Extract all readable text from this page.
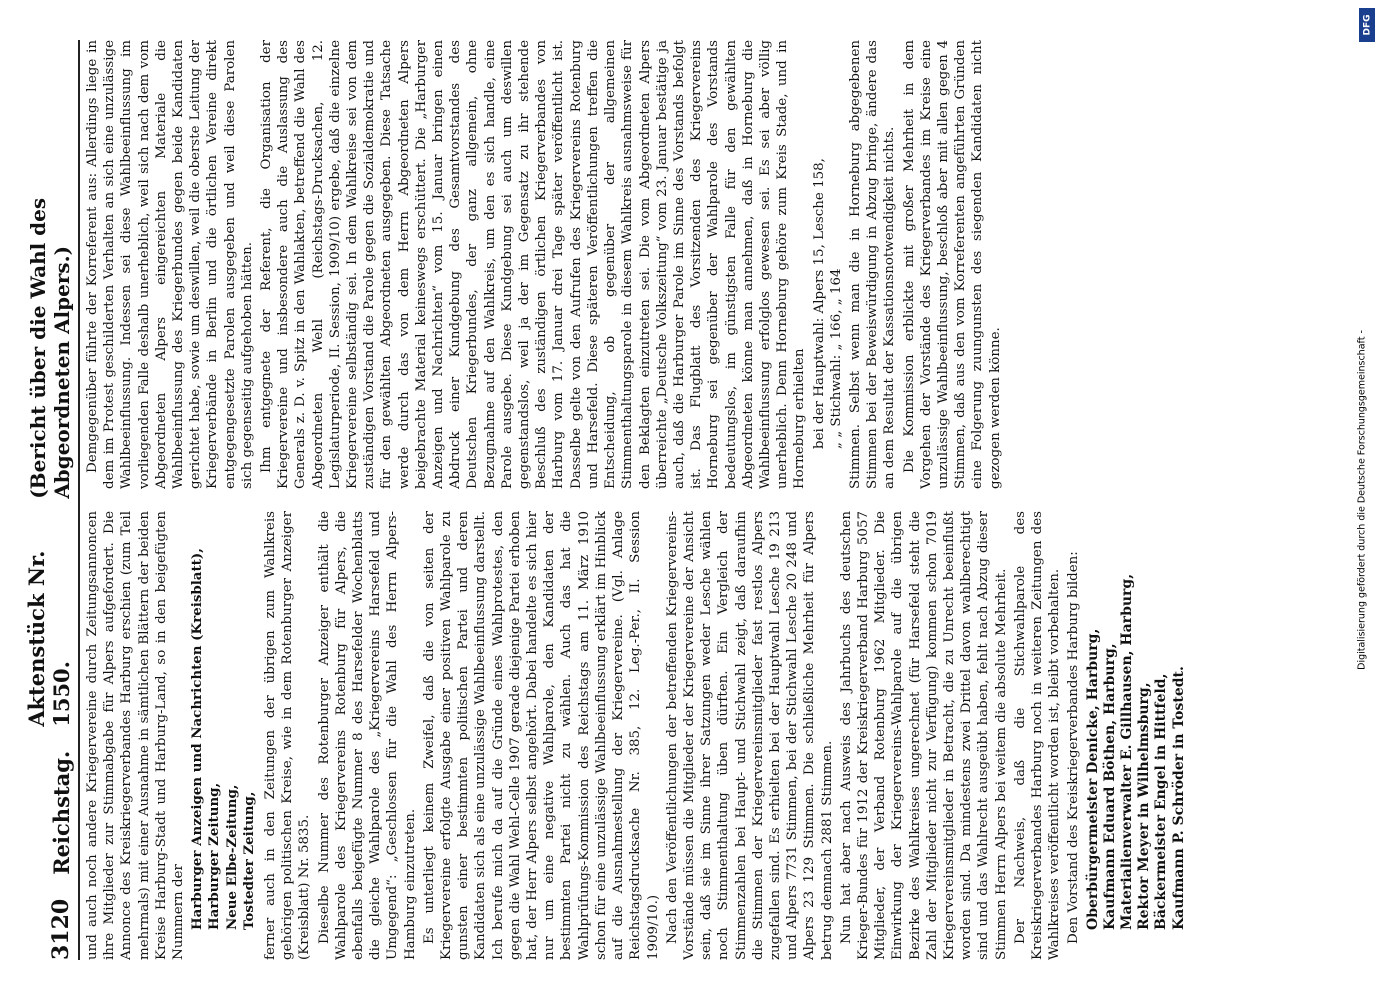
3120
Reichstag.
Aktenstück Nr. 1550.
(Bericht über die Wahl des Abgeordneten Alpers.)

und auch noch andere Kriegervereine durch Zeitungsannoncen ihre Mitglieder zur Stimmabgabe für Alpers aufgefordert. Die Annonce des Kreiskriegerverbandes Harburg erschien (zum Teil mehrmals) mit einer Ausnahme in sämtlichen Blättern der beiden Kreise Harburg-Stadt und Harburg-Land, so in den beigefügten Nummern der Harburger Anzeigen und Nachrichten (Kreisblatt), Harburger Zeitung, Neue Elbe-Zeitung, Tostedter Zeitung, ferner auch in den Zeitungen der übrigen zum Wahlkreis gehörigen politischen Kreise, wie in dem Rotenburger Anzeiger (Kreisblatt) Nr. 5835. Dieselbe Nummer des Rotenburger Anzeiger enthält die Wahlparole des Kriegervereins Rotenburg für Alpers, die ebenfalls beigefügte Nummer 8 des Harsefelder Wochenblatts die gleiche Wahlparole des „Kriegervereins Harsefeld und Umgegend“: „Geschlossen für die Wahl des Herrn Alpers-Hamburg einzutreten. Es unterliegt keinem Zweifel, daß die von seiten der Kriegervereine erfolgte Ausgabe einer positiven Wahlparole zu gunsten einer bestimmten politischen Partei und deren Kandidaten sich als eine unzulässige Wahlbeeinflussung darstellt. Ich berufe mich da auf die Gründe eines Wahlprotestes, den gegen die Wahl Wehl-Celle 1907 gerade diejenige Partei erhoben hat, der Herr Alpers selbst angehört. Dabei handelte es sich hier nur um eine negative Wahlparole, den Kandidaten der bestimmten Partei nicht zu wählen. Auch das hat die Wahlprüfungs-Kommission des Reichstags am 11. März 1910 schon für eine unzulässige Wahlbeeinflussung erklärt im Hinblick auf die Ausnahmestellung der Kriegervereine. (Vgl. Anlage Reichstagsdrucksache Nr. 385, 12. Leg.-Per., II. Session 1909/10.) Nach den Veröffentlichungen der betreffenden Kriegervereins-Vorstände müssen die Mitglieder der Kriegervereine der Ansicht sein, daß sie im Sinne ihrer Satzungen weder Lesche wählen noch Stimmenthaltung üben dürften. Ein Vergleich der Stimmenzahlen bei Haupt- und Stichwahl zeigt, daß daraufhin die Stimmen der Kriegervereinsmitglieder fast restlos Alpers zugefallen sind. Es erhielten bei der Hauptwahl Lesche 19 213 und Alpers 7731 Stimmen, bei der Stichwahl Lesche 20 248 und Alpers 23 129 Stimmen. Die schließliche Mehrheit für Alpers betrug demnach 2881 Stimmen. Nun hat aber nach Ausweis des Jahrbuchs des deutschen Krieger-Bundes für 1912 der Kreiskriegerverband Harburg 5057 Mitglieder, der Verband Rotenburg 1962 Mitglieder. Die Einwirkung der Kriegervereins-Wahlparole auf die übrigen Bezirke des Wahlkreises ungerechnet (für Harsefeld steht die Zahl der Mitglieder nicht zur Verfügung) kommen schon 7019 Kriegervereinsmitglieder in Betracht, die zu Unrecht beeinflußt worden sind. Da mindestens zwei Drittel davon wahlberechtigt sind und das Wahlrecht ausgeübt haben, fehlt nach Abzug dieser Stimmen Herrn Alpers bei weitem die absolute Mehrheit. Der Nachweis, daß die Stichwahlparole des Kreiskriegerverbandes Harburg noch in weiteren Zeitungen des Wahlkreises veröffentlicht worden ist, bleibt vorbehalten. Den Vorstand des Kreiskriegerverbandes Harburg bilden: Oberbürgermeister Denicke, Harburg, Kaufmann Eduard Böthen, Harburg, Materialienverwalter E. Gillhausen, Harburg, Rektor Meyer in Wilhelmsburg, Bäckermeister Engel in Hittfeld, Kaufmann P. Schröder in Tostedt.

Demgegenüber führte der Korreferent aus: Allerdings liege in dem im Protest geschilderten Verhalten an sich eine unzulässige Wahlbeeinflussung. Indessen sei diese Wahlbeeinflussung im vorliegenden Falle deshalb unerheblich, weil sich nach dem vom Abgeordneten Alpers eingereichten Materiale die Wahlbeeinflussung des Kriegerbundes gegen beide Kandidaten gerichtet habe, sowie um deswillen, weil die oberste Leitung der Kriegerverbände in Berlin und die örtlichen Vereine direkt entgegengesetzte Parolen ausgegeben und weil diese Parolen sich gegenseitig aufgehoben hätten. Ihm entgegnete der Referent, die Organisation der Kriegervereine und insbesondere auch die Auslassung des Generals z. D. v. Spitz in den Wahlakten, betreffend die Wahl des Abgeordneten Wehl (Reichstags-Drucksachen, 12. Legislaturperiode, II. Session, 1909/10) ergebe, daß die einzelne Kriegervereine selbständig sei. In dem Wahlkreise sei von dem zuständigen Vorstand die Parole gegen die Sozialdemokratie und für den gewählten Abgeordneten ausgegeben. Diese Tatsache werde durch das von dem Herrn Abgeordneten Alpers beigebrachte Material keineswegs erschüttert. Die „Harburger Anzeigen und Nachrichten“ vom 15. Januar bringen einen Abdruck einer Kundgebung des Gesamtvorstandes des Deutschen Kriegerbundes, der ganz allgemein, ohne Bezugnahme auf den Wahlkreis, um den es sich handle, eine Parole ausgebe. Diese Kundgebung sei auch um deswillen gegenstandslos, weil ja der im Gegensatz zu ihr stehende Beschluß des zuständigen örtlichen Kriegerverbandes von Harburg vom 17. Januar drei Tage später veröffentlicht ist. Dasselbe gelte von den Aufrufen des Kriegervereins Rotenburg und Harsefeld. Diese späteren Veröffentlichungen treffen die Entscheidung, ob gegenüber der allgemeinen Stimmenthaltungsparole in diesem Wahlkreis ausnahmsweise für den Beklagten einzutreten sei. Die vom Abgeordneten Alpers überreichte „Deutsche Volkszeitung“ vom 23. Januar bestätige ja auch, daß die Harburger Parole im Sinne des Vorstands befolgt ist. Das Flugblatt des Vorsitzenden des Kriegervereins Horneburg sei gegenüber der Wahlparole des Vorstands bedeutungslos, im günstigsten Falle für den gewählten Abgeordneten könne man annehmen, daß in Horneburg die Wahlbeeinflussung erfolglos gewesen sei. Es sei aber völlig unerheblich. Denn Horneburg gehöre zum Kreis Stade, und in Horneburg erhielten bei der Hauptwahl: Alpers 15, Lesche 158, „ „ Stichwahl: „ 166, „ 164 Stimmen. Selbst wenn man die in Horneburg abgegebenen Stimmen bei der Beweiswürdigung in Abzug bringe, ändere das an dem Resultat der Kassationsnotwendigkeit nichts. Die Kommission erblickte mit großer Mehrheit in dem Vorgehen der Vorstände des Kriegerverbandes im Kreise eine unzulässige Wahlbeeinflussung, beschloß aber mit allen gegen 4 Stimmen, daß aus den vom Korreferenten angeführten Gründen eine Folgerung zuungunsten des siegenden Kandidaten nicht gezogen werden könne.	Digitalisierung gefördert durch die Deutsche Forschungsgemeinschaft -
DFG
